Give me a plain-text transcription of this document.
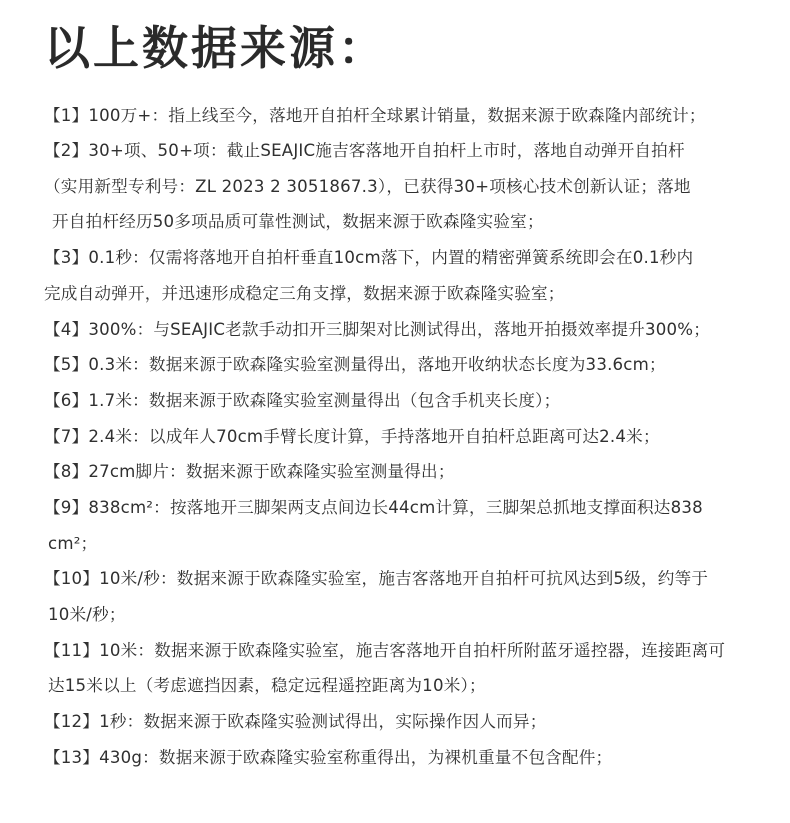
以上数据来源：
【1】100万+：指上线至今，落地开自拍杆全球累计销量，数据来源于欧森隆内部统计；
【2】30+项、50+项：截止SEAJIC施吉客落地开自拍杆上市时，落地自动弹开自拍杆
（实用新型专利号：ZL 2023 2 3051867.3），已获得30+项核心技术创新认证；落地
开自拍杆经历50多项品质可靠性测试，数据来源于欧森隆实验室；
【3】0.1秒：仅需将落地开自拍杆垂直10cm落下，内置的精密弹簧系统即会在0.1秒内
完成自动弹开，并迅速形成稳定三角支撑，数据来源于欧森隆实验室；
【4】300%：与SEAJIC老款手动扣开三脚架对比测试得出，落地开拍摄效率提升300%；
【5】0.3米：数据来源于欧森隆实验室测量得出，落地开收纳状态长度为33.6cm；
【6】1.7米：数据来源于欧森隆实验室测量得出（包含手机夹长度）；
【7】2.4米：以成年人70cm手臂长度计算，手持落地开自拍杆总距离可达2.4米；
【8】27cm脚片：数据来源于欧森隆实验室测量得出；
【9】838cm²：按落地开三脚架两支点间边长44cm计算，三脚架总抓地支撑面积达838
cm²；
【10】10米/秒：数据来源于欧森隆实验室，施吉客落地开自拍杆可抗风达到5级，约等于
10米/秒；
【11】10米：数据来源于欧森隆实验室，施吉客落地开自拍杆所附蓝牙遥控器，连接距离可
达15米以上（考虑遮挡因素，稳定远程遥控距离为10米）；
【12】1秒：数据来源于欧森隆实验测试得出，实际操作因人而异；
【13】430g：数据来源于欧森隆实验室称重得出，为裸机重量不包含配件；
